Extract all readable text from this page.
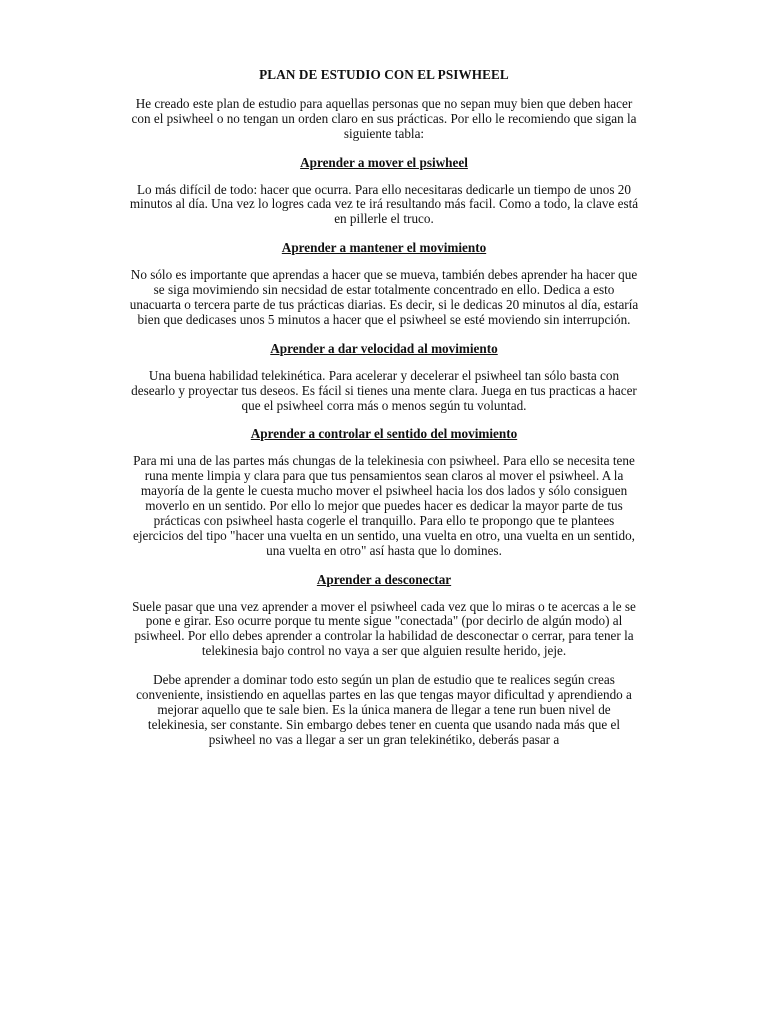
PLAN DE ESTUDIO CON EL PSIWHEEL
He creado este plan de estudio para aquellas personas que no sepan muy bien que deben hacer con el psiwheel o no tengan un orden claro en sus prácticas. Por ello le recomiendo que sigan la siguiente tabla:
Aprender a mover el psiwheel
Lo más difícil de todo: hacer que ocurra. Para ello necesitaras dedicarle un tiempo de unos 20 minutos al día. Una vez lo logres cada vez te irá resultando más facil. Como a todo, la clave está en pillerle el truco.
Aprender a mantener el movimiento
No sólo es importante que aprendas a hacer que se mueva, también debes aprender ha hacer que se siga movimiendo sin necsidad de estar totalmente concentrado en ello. Dedica a esto unacuarta o tercera parte de tus prácticas diarias. Es decir, si le dedicas 20 minutos al día, estaría bien que dedicases unos 5 minutos a hacer que el psiwheel se esté moviendo sin interrupción.
Aprender a dar velocidad al movimiento
Una buena habilidad telekinética. Para acelerar y decelerar el psiwheel tan sólo basta con desearlo y proyectar tus deseos. Es fácil si tienes una mente clara. Juega en tus practicas a hacer que el psiwheel corra más o menos según tu voluntad.
Aprender a controlar el sentido del movimiento
Para mi una de las partes más chungas de la telekinesia con psiwheel. Para ello se necesita tene runa mente limpia y clara para que tus pensamientos sean claros al mover el psiwheel. A la mayoría de la gente le cuesta mucho mover el psiwheel hacia los dos lados y sólo consiguen moverlo en un sentido. Por ello lo mejor que puedes hacer es dedicar la mayor parte de tus prácticas con psiwheel hasta cogerle el tranquillo. Para ello te propongo que te plantees ejercicios del tipo "hacer una vuelta en un sentido, una vuelta en otro, una vuelta en un sentido, una vuelta en otro" así hasta que lo domines.
Aprender a desconectar
Suele pasar que una vez aprender a mover el psiwheel cada vez que lo miras o te acercas a le se pone e girar. Eso ocurre porque tu mente sigue "conectada" (por decirlo de algún modo) al psiwheel. Por ello debes aprender a controlar la habilidad de desconectar o cerrar, para tener la telekinesia bajo control no vaya a ser que alguien resulte herido, jeje.
Debe aprender a dominar todo esto según un plan de estudio que te realices según creas conveniente, insistiendo en aquellas partes en las que tengas mayor dificultad y aprendiendo a mejorar aquello que te sale bien. Es la única manera de llegar a tene run buen nivel de telekinesia, ser constante. Sin embargo debes tener en cuenta que usando nada más que el psiwheel no vas a llegar a ser un gran telekinétiko, deberás pasar a
